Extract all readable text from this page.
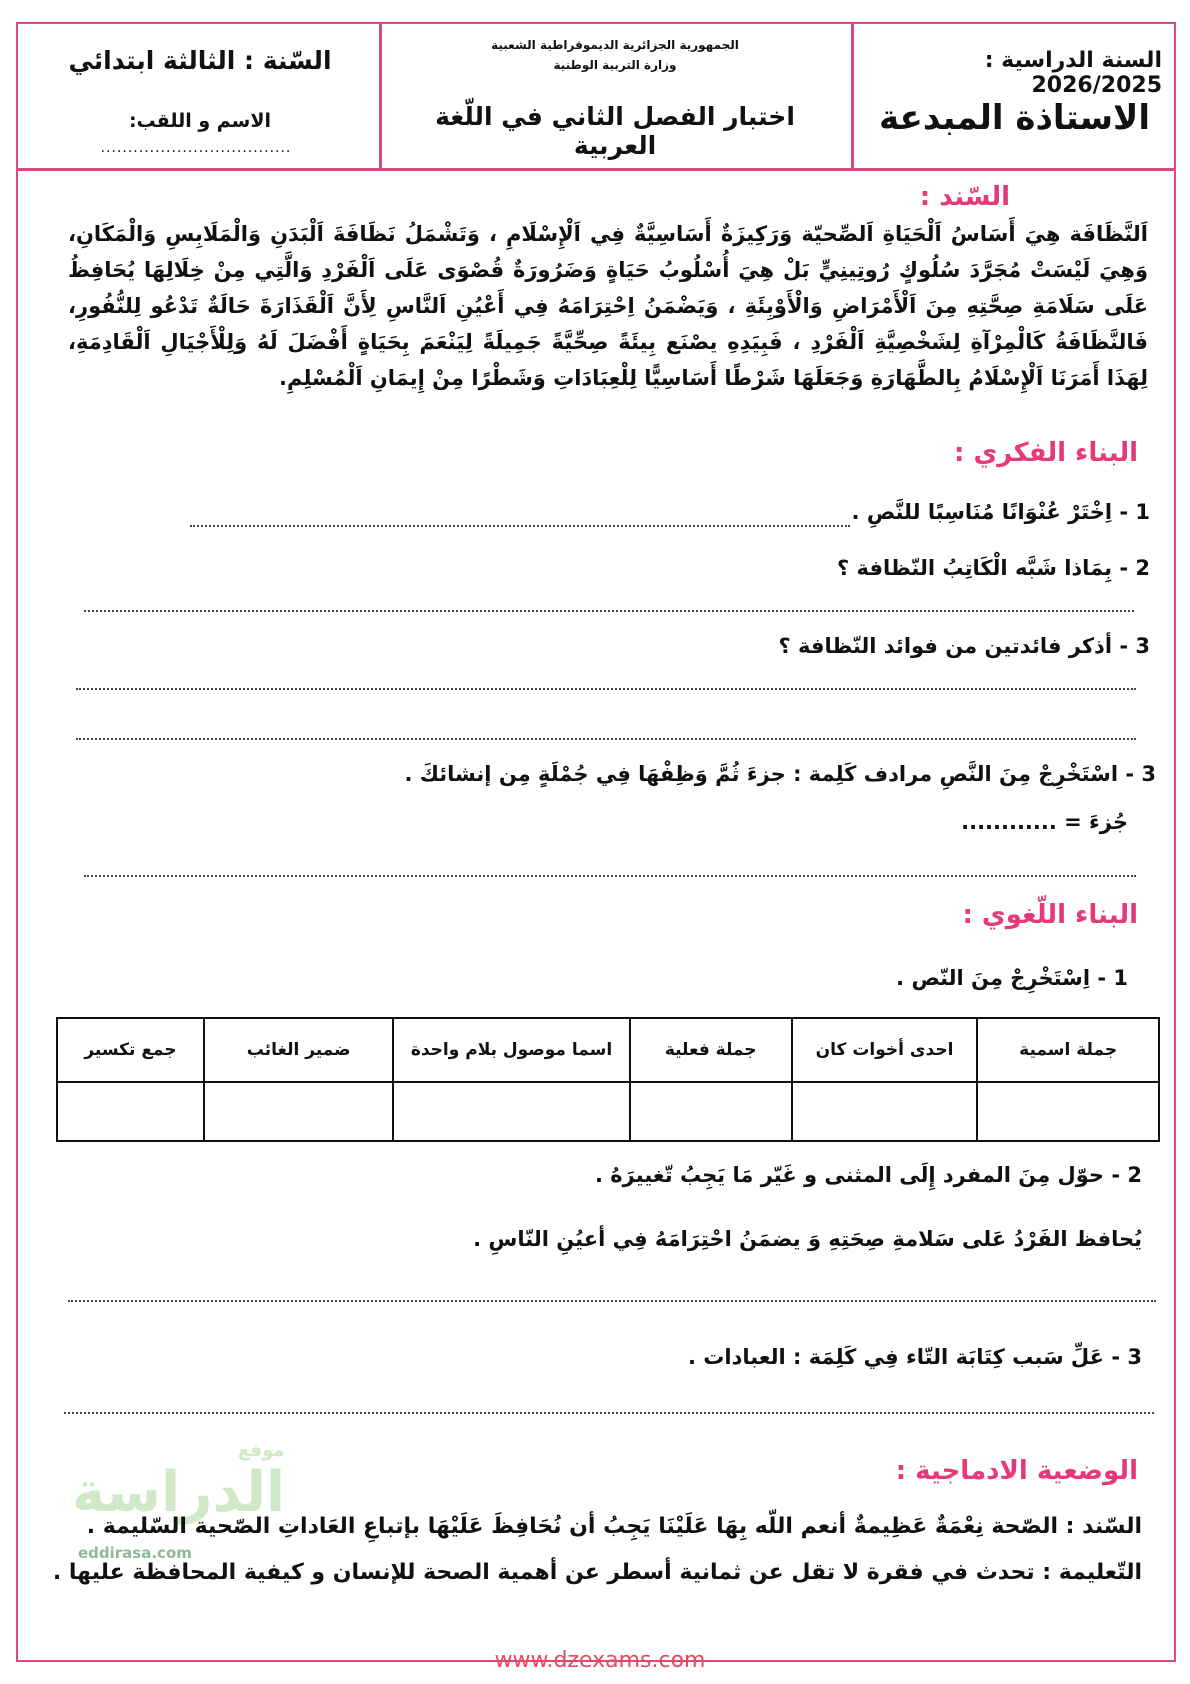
السنة الدراسية : 2026/2025
الاستاذة المبدعة
الجمهورية الجزائرية الديموقراطية الشعبية
وزارة التربية الوطنية
اختبار الفصل الثاني في اللّغة العربية
السّنة : الثالثة ابتدائي
الاسم و اللقب:
...................................
السّند :
اَلنَّظَافَة هِيَ أَسَاسُ اَلْحَيَاةِ اَلصِّحيّة وَرَكِيزَةٌ أَسَاسِيَّةٌ فِي اَلْإِسْلَامِ ، وَتَشْمَلُ نَظَافَةَ اَلْبَدَنِ وَالْمَلَابِسِ وَالْمَكَانِ، وَهِيَ لَيْسَتْ مُجَرَّدَ سُلُوكٍ رُوتِينِيٍّ بَلْ هِيَ أُسْلُوبُ حَيَاةٍ وَضَرُورَةٌ قُصْوَى عَلَى اَلْفَرْدِ وَالَّتِي مِنْ خِلَالِهَا يُحَافِظُ عَلَى سَلَامَةِ صِحَّتِهِ مِنَ اَلْأَمْرَاضِ وَالْأَوْبِئَةِ ، وَيَضْمَنُ اِحْتِرَامَهُ فِي أَعْيُنِ اَلنَّاسِ لِأَنَّ اَلْقَذَارَةَ حَالَةٌ تَدْعُو لِلنُّفُورِ، فَالنَّظَافَةُ كَالْمِرْآةِ لِشَخْصِيَّةِ اَلْفَرْدِ ، فَبِيَدِهِ يصْنَع بِيئَةً صِحِّيَّةً جَمِيلَةً لِيَنْعَمَ بِحَيَاةٍ أَفْضَلَ لَهُ وَلِلْأَجْيَالِ اَلْقَادِمَةِ، لِهَذَا أَمَرَنَا اَلْإِسْلَامُ بِالطَّهَارَةِ وَجَعَلَهَا شَرْطًا أَسَاسِيًّا لِلْعِبَادَاتِ وَشَطْرًا مِنْ إِيمَانِ اَلْمُسْلِمِ.
البناء الفكري :
1 - اِخْتَرْ عُنْوَانًا مُنَاسِبًا للنَّصِ .
2 - بِمَاذا شَبَّه الْكَاتِبُ النّظافة ؟
3 - أذكر فائدتين من فوائد النّظافة ؟
3 - اسْتَخْرِجْ مِنَ النَّصِ مرادف كَلِمة : جزءَ ثُمَّ وَظِفْهَا فِي جُمْلَةٍ مِن إنشائكَ .
جُزءَ = ............
البناء اللّغوي :
1 - اِسْتَخْرِجْ مِنَ النّص .
جملة اسمية	احدى أخوات كان	جملة فعلية	اسما موصول بلام واحدة	ضمير الغائب	جمع تكسير

2 - حوّل مِنَ المفرد إِلَى المثنى و غَيّر مَا يَجِبُ تّغييرَهُ .
يُحافظ الفَرْدُ عَلى سَلامةِ صِحَتِهِ وَ يضمَنُ احْتِرَامَهُ فِي أعيُنِ النّاسِ .
3 - عَلِّ سَبب كِتَابَة التّاء فِي كَلِمَة : العبادات .
موقع
الدراسة
eddirasa.com
الوضعية الادماجية :
السّند : الصّحة نِعْمَةٌ عَظِيمةٌ أنعم اللّه بِهَا عَلَيْنَا يَجِبُ أن نُحَافِظَ عَلَيْهَا بإتباعِ العَاداتِ الصّحية السّليمة .
التّعليمة : تحدث في فقرة لا تقل عن ثمانية أسطر عن أهمية الصحة للإنسان و كيفية المحافظة عليها .
www.dzexams.com
